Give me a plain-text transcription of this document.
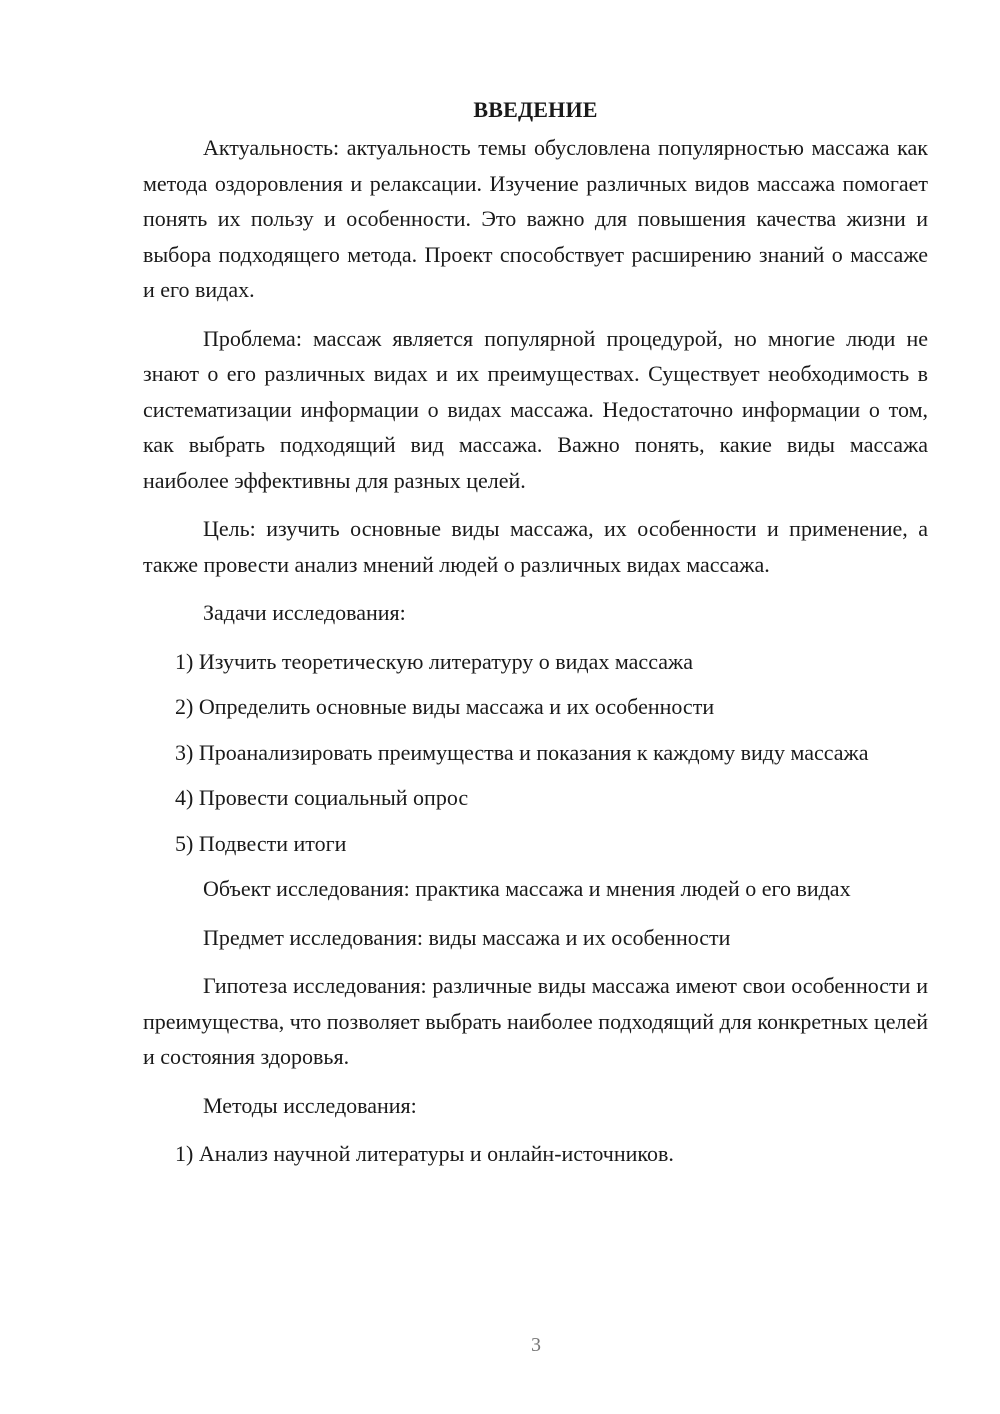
ВВЕДЕНИЕ

Актуальность: актуальность темы обусловлена популярностью массажа как метода оздоровления и релаксации. Изучение различных видов массажа помогает понять их пользу и особенности. Это важно для повышения качества жизни и выбора подходящего метода. Проект способствует расширению знаний о массаже и его видах.

Проблема: массаж является популярной процедурой, но многие люди не знают о его различных видах и их преимуществах. Существует необходимость в систематизации информации о видах массажа. Недостаточно информации о том, как выбрать подходящий вид массажа. Важно понять, какие виды массажа наиболее эффективны для разных целей.

Цель: изучить основные виды массажа, их особенности и применение, а также провести анализ мнений людей о различных видах массажа.

Задачи исследования:

1) Изучить теоретическую литературу о видах массажа

2) Определить основные виды массажа и их особенности

3) Проанализировать преимущества и показания к каждому виду массажа

4) Провести социальный опрос

5) Подвести итоги

Объект исследования: практика массажа и мнения людей о его видах

Предмет исследования: виды массажа и их особенности

Гипотеза исследования: различные виды массажа имеют свои особенности и преимущества, что позволяет выбрать наиболее подходящий для конкретных целей и состояния здоровья.

Методы исследования:

1) Анализ научной литературы и онлайн-источников.

3
